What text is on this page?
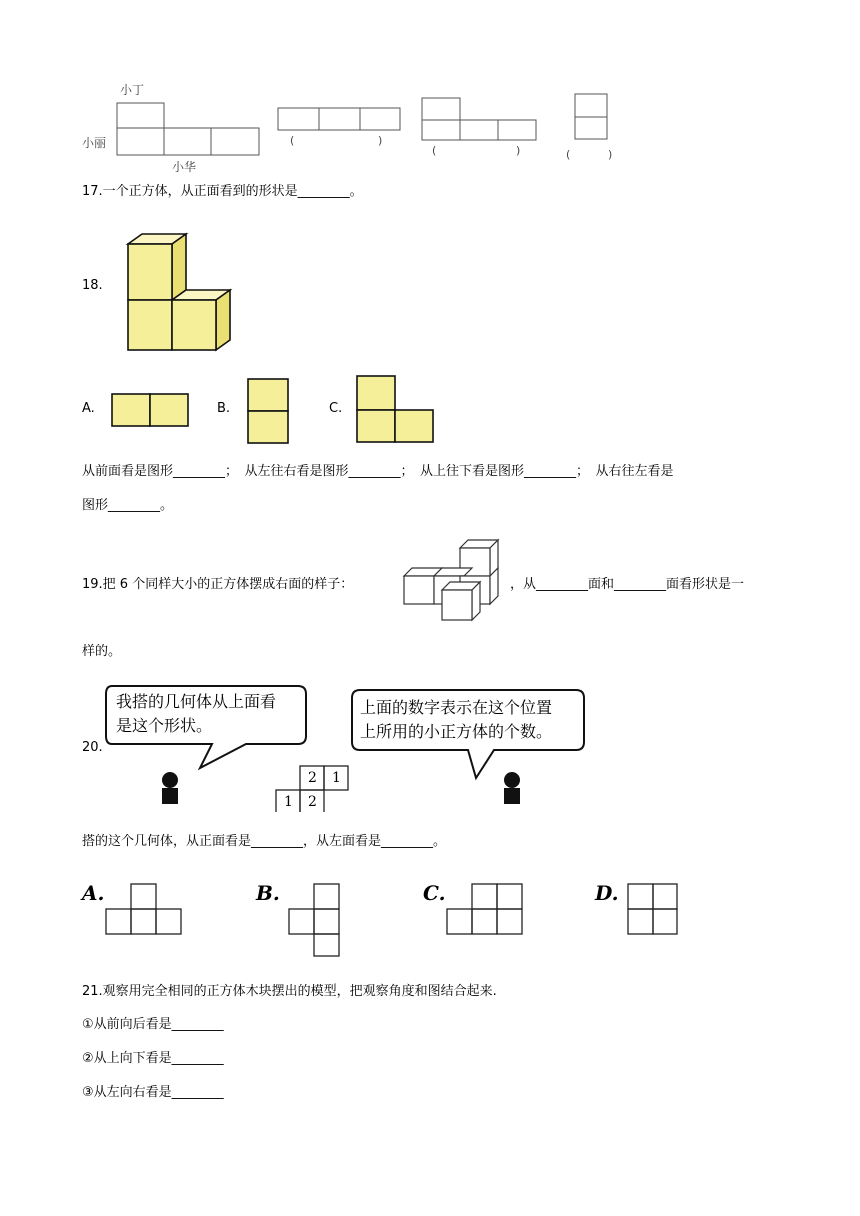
小丁
小丽
小华
(	)
(	)	(	)
17.一个正方体，从正面看到的形状是________。
18.
A.	B.	C.
从前面看是图形________；　从左往右看是图形________；　从上往下看是图形________；　从右往左看是
图形________。
19.把 6 个同样大小的正方体摆成右面的样子：	，从________面和________面看形状是一
样的。
20.
我搭的几何体从上面看
是这个形状。
上面的数字表示在这个位置
上所用的小正方体的个数。
2 1
1 2
搭的这个几何体，从正面看是________，从左面看是________。
A.	B.	C.	D.
21.观察用完全相同的正方体木块摆出的模型，把观察角度和图结合起来.
①从前向后看是________
②从上向下看是________
③从左向右看是________
